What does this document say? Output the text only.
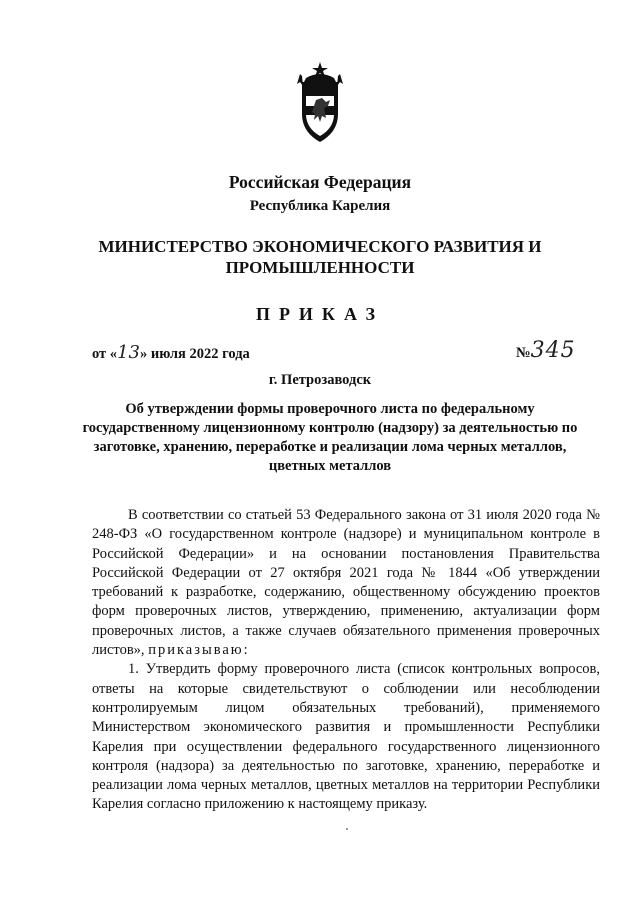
Российская Федерация
Республика Карелия
МИНИСТЕРСТВО ЭКОНОМИЧЕСКОГО РАЗВИТИЯ И
ПРОМЫШЛЕННОСТИ
ПРИКАЗ
от «13» июля 2022 года	№345
г. Петрозаводск
Об утверждении формы проверочного листа по федеральному государственному лицензионному контролю (надзору) за деятельностью по заготовке, хранению, переработке и реализации лома черных металлов, цветных металлов

В соответствии со статьей 53 Федерального закона от 31 июля 2020 года № 248-ФЗ «О государственном контроле (надзоре) и муниципальном контроле в Российской Федерации» и на основании постановления Правительства Российской Федерации от 27 октября 2021 года № 1844 «Об утверждении требований к разработке, содержанию, общественному обсуждению проектов форм проверочных листов, утверждению, применению, актуализации форм проверочных листов, а также случаев обязательного применения проверочных листов», приказываю:

1. Утвердить форму проверочного листа (список контрольных вопросов, ответы на которые свидетельствуют о соблюдении или несоблюдении контролируемым лицом обязательных требований), применяемого Министерством экономического развития и промышленности Республики Карелия при осуществлении федерального государственного лицензионного контроля (надзора) за деятельностью по заготовке, хранению, переработке и реализации лома черных металлов, цветных металлов на территории Республики Карелия согласно приложению к настоящему приказу.
